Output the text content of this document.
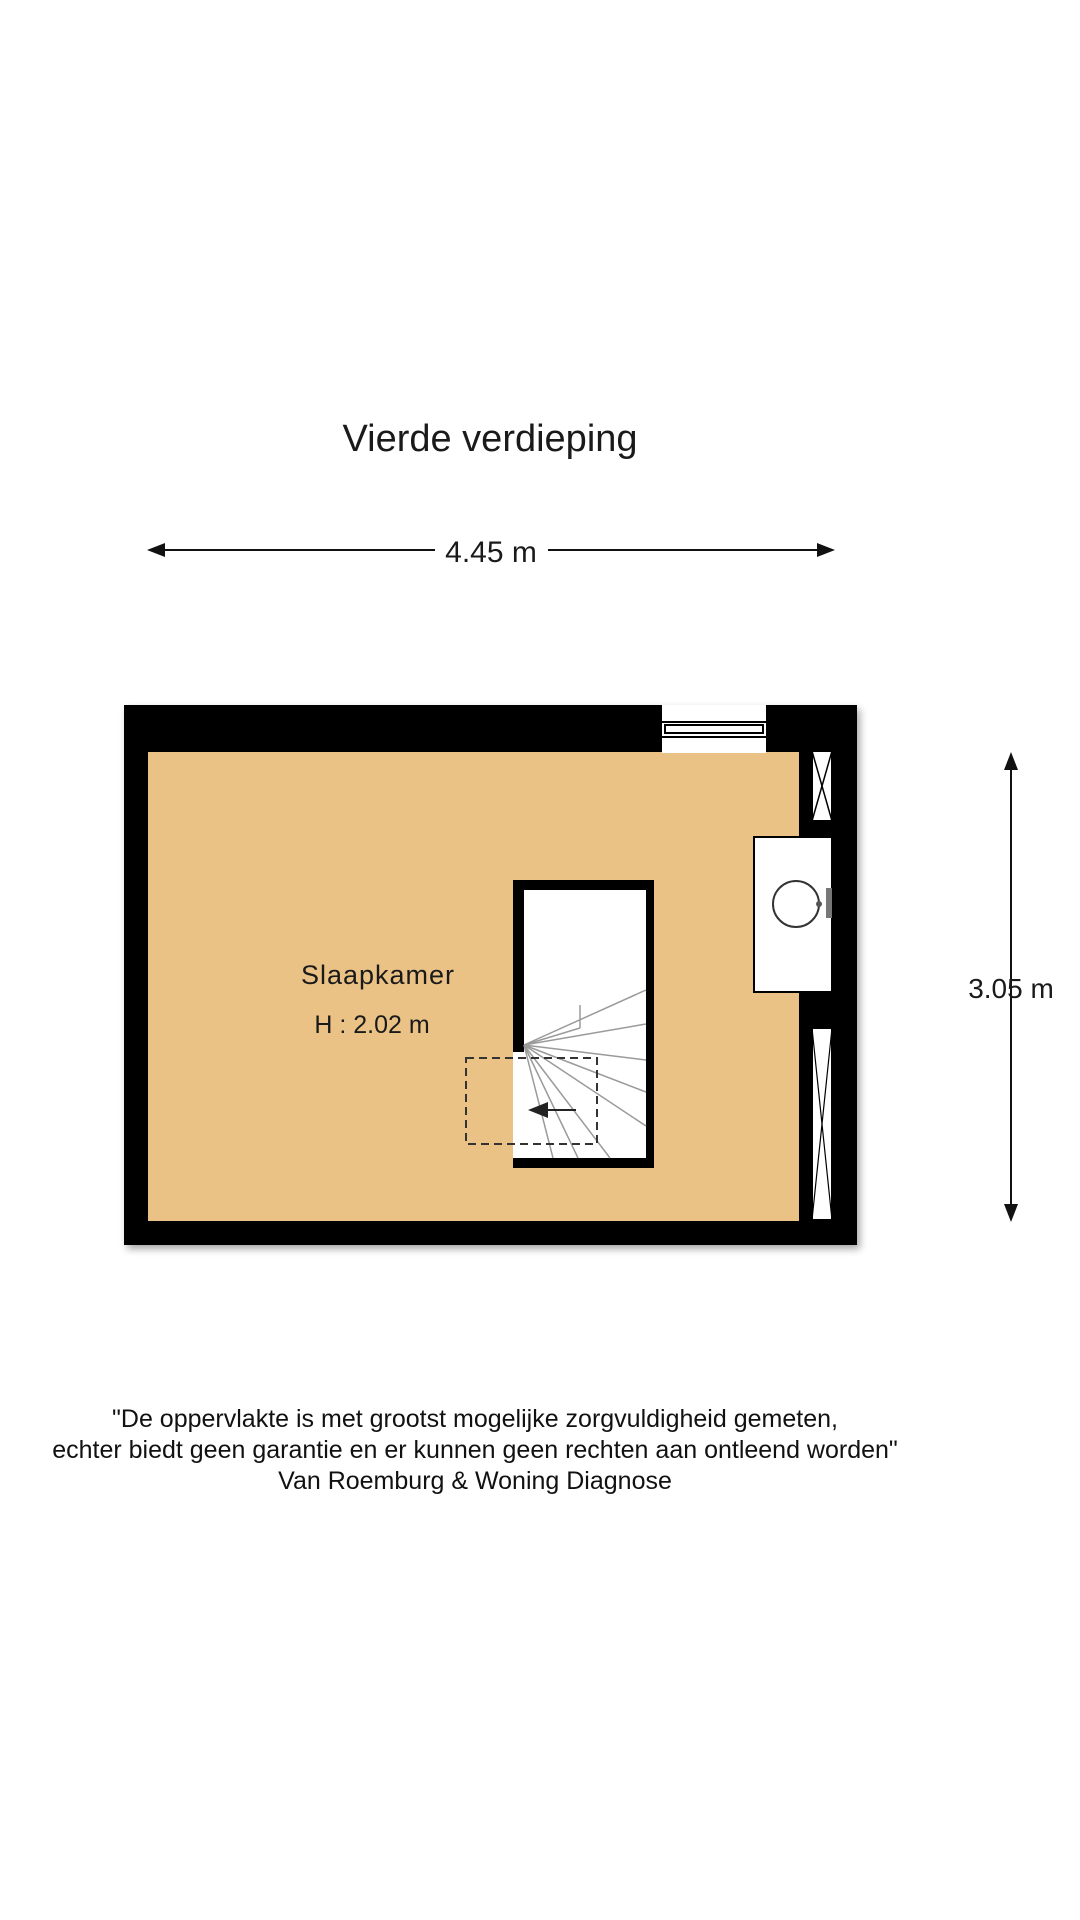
Vierde verdieping
4.45 m
3.05 m
Slaapkamer
H : 2.02 m
"De oppervlakte is met grootst mogelijke zorgvuldigheid gemeten,
echter biedt geen garantie en er kunnen geen rechten aan ontleend worden"
Van Roemburg & Woning Diagnose
